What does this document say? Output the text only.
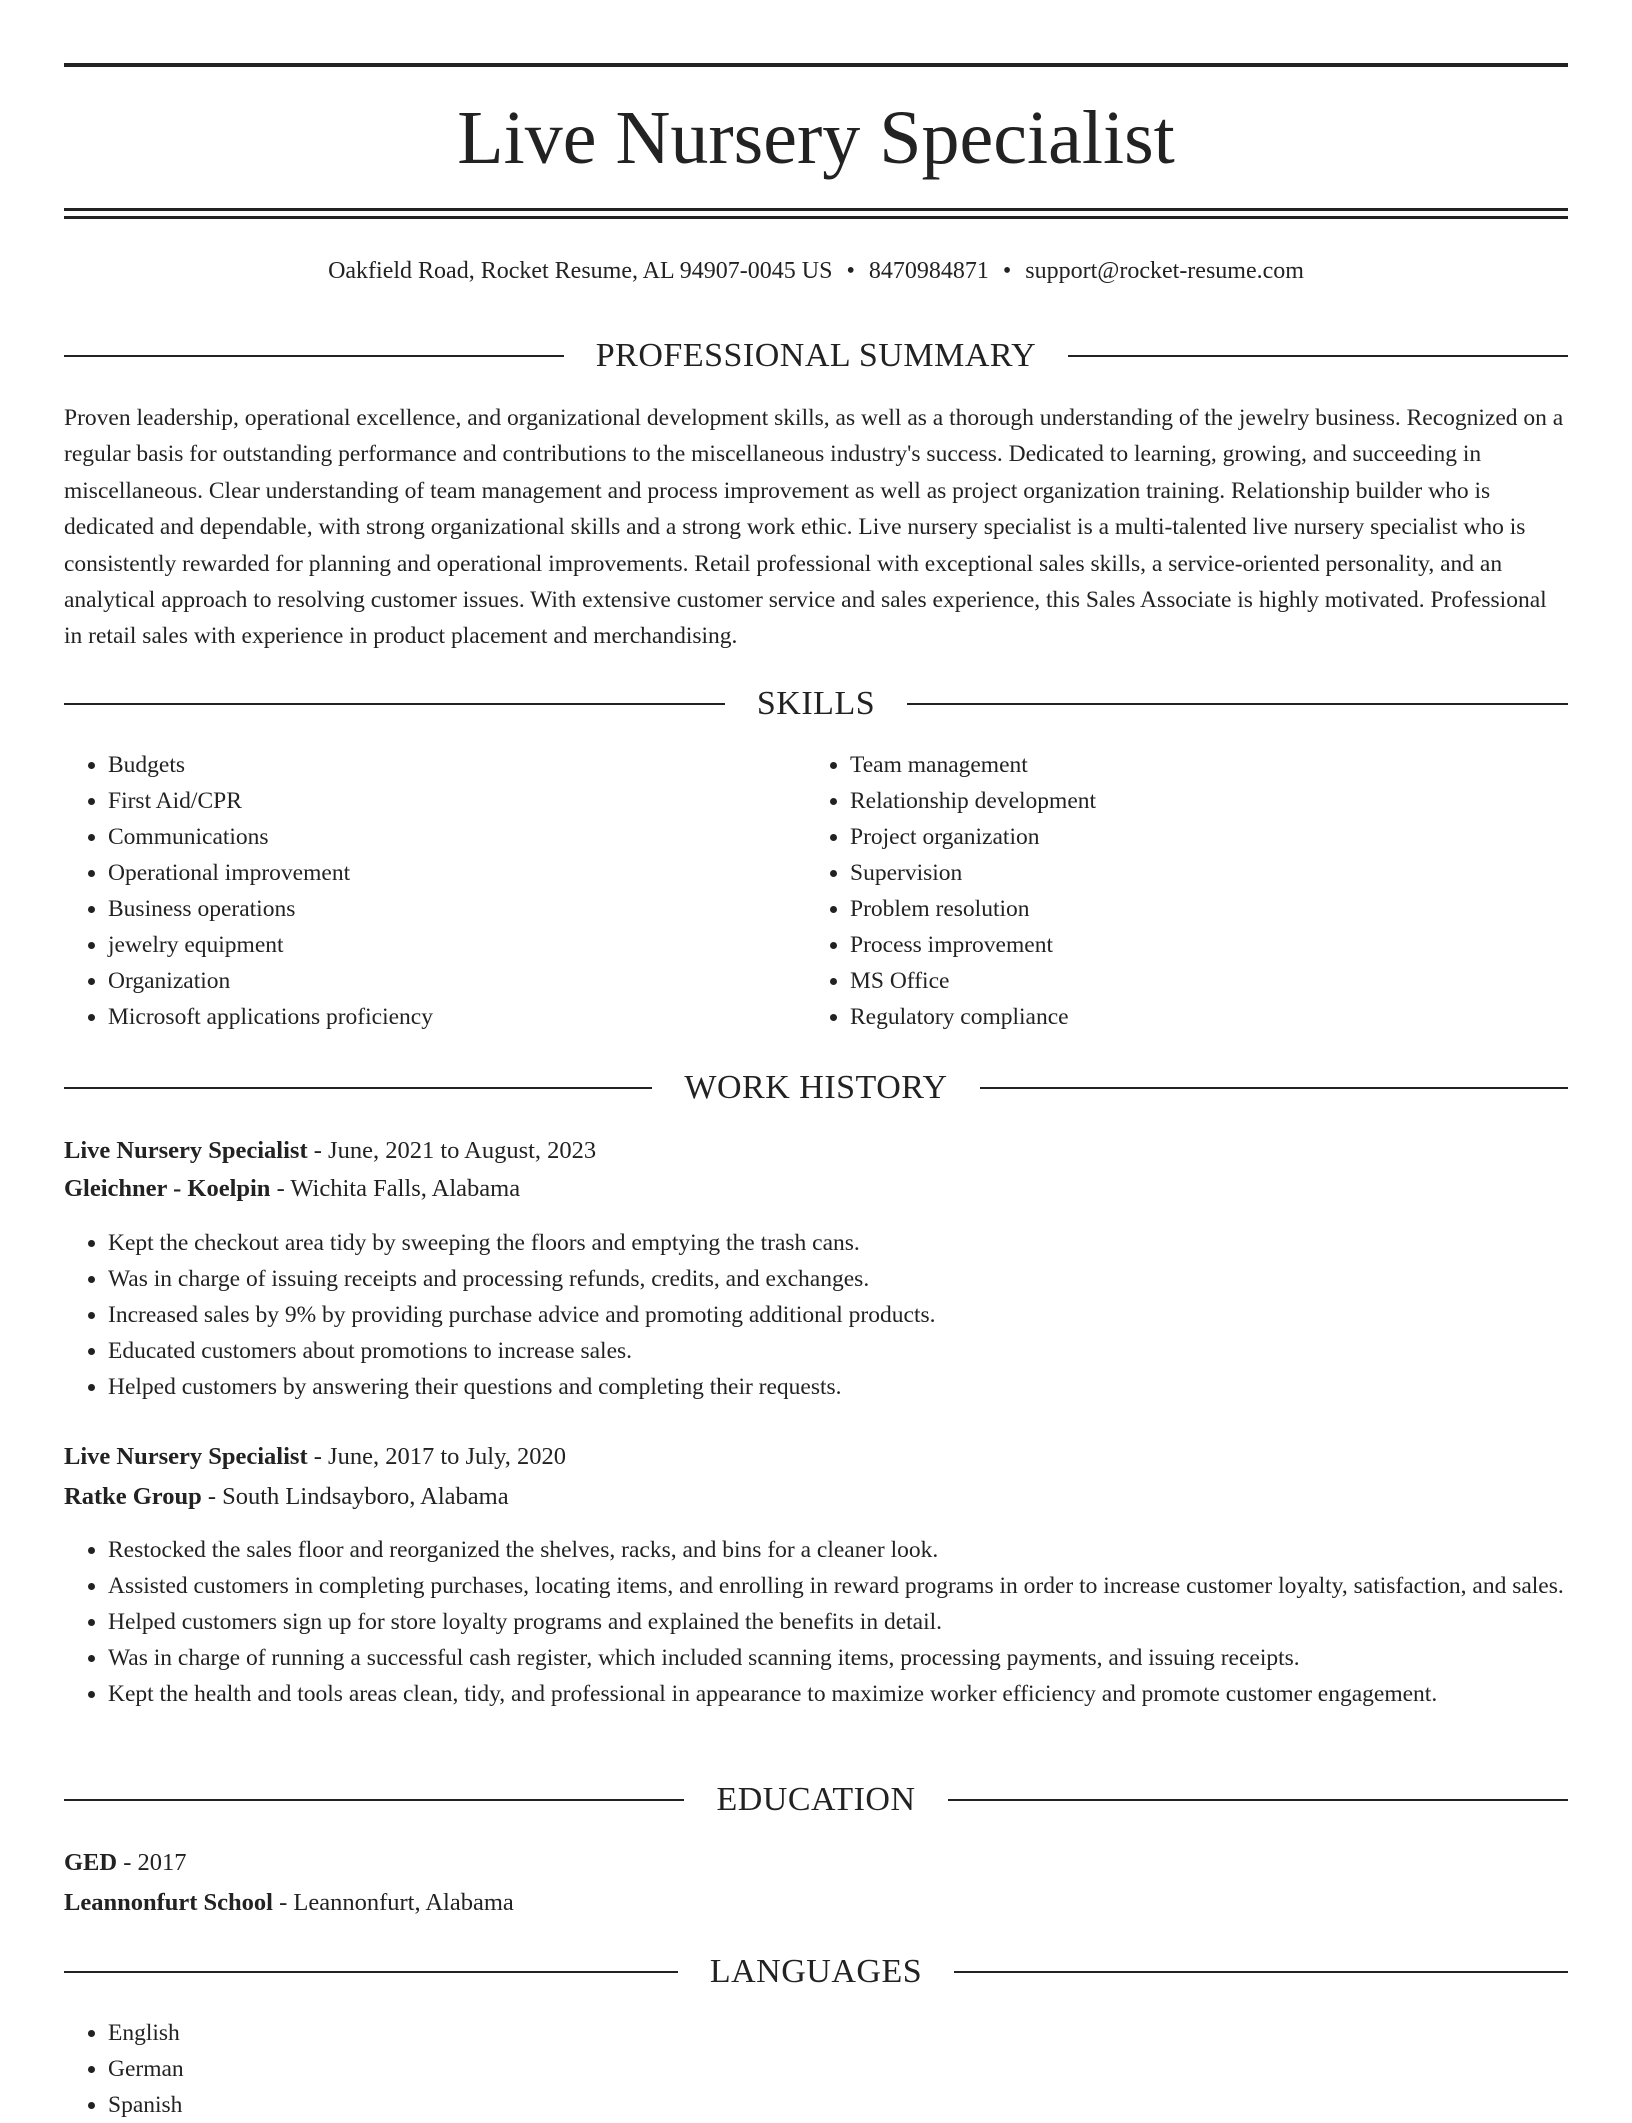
Live Nursery Specialist
Oakfield Road, Rocket Resume, AL 94907-0045 US • 8470984871 • support@rocket-resume.com
PROFESSIONAL SUMMARY

Proven leadership, operational excellence, and organizational development skills, as well as a thorough understanding of the jewelry business. Recognized on a regular basis for outstanding performance and contributions to the miscellaneous industry's success. Dedicated to learning, growing, and succeeding in miscellaneous. Clear understanding of team management and process improvement as well as project organization training. Relationship builder who is dedicated and dependable, with strong organizational skills and a strong work ethic. Live nursery specialist is a multi-talented live nursery specialist who is consistently rewarded for planning and operational improvements. Retail professional with exceptional sales skills, a service-oriented personality, and an analytical approach to resolving customer issues. With extensive customer service and sales experience, this Sales Associate is highly motivated. Professional in retail sales with experience in product placement and merchandising.

SKILLS
• Budgets
• First Aid/CPR
• Communications
• Operational improvement
• Business operations
• jewelry equipment
• Organization
• Microsoft applications proficiency
• Team management
• Relationship development
• Project organization
• Supervision
• Problem resolution
• Process improvement
• MS Office
• Regulatory compliance
WORK HISTORY
Live Nursery Specialist - June, 2021 to August, 2023
Gleichner - Koelpin - Wichita Falls, Alabama
• Kept the checkout area tidy by sweeping the floors and emptying the trash cans.
• Was in charge of issuing receipts and processing refunds, credits, and exchanges.
• Increased sales by 9% by providing purchase advice and promoting additional products.
• Educated customers about promotions to increase sales.
• Helped customers by answering their questions and completing their requests.
Live Nursery Specialist - June, 2017 to July, 2020
Ratke Group - South Lindsayboro, Alabama
• Restocked the sales floor and reorganized the shelves, racks, and bins for a cleaner look.
• Assisted customers in completing purchases, locating items, and enrolling in reward programs in order to increase customer loyalty, satisfaction, and sales.
• Helped customers sign up for store loyalty programs and explained the benefits in detail.
• Was in charge of running a successful cash register, which included scanning items, processing payments, and issuing receipts.
• Kept the health and tools areas clean, tidy, and professional in appearance to maximize worker efficiency and promote customer engagement.
EDUCATION
GED - 2017
Leannonfurt School - Leannonfurt, Alabama
LANGUAGES
• English
• German
• Spanish
